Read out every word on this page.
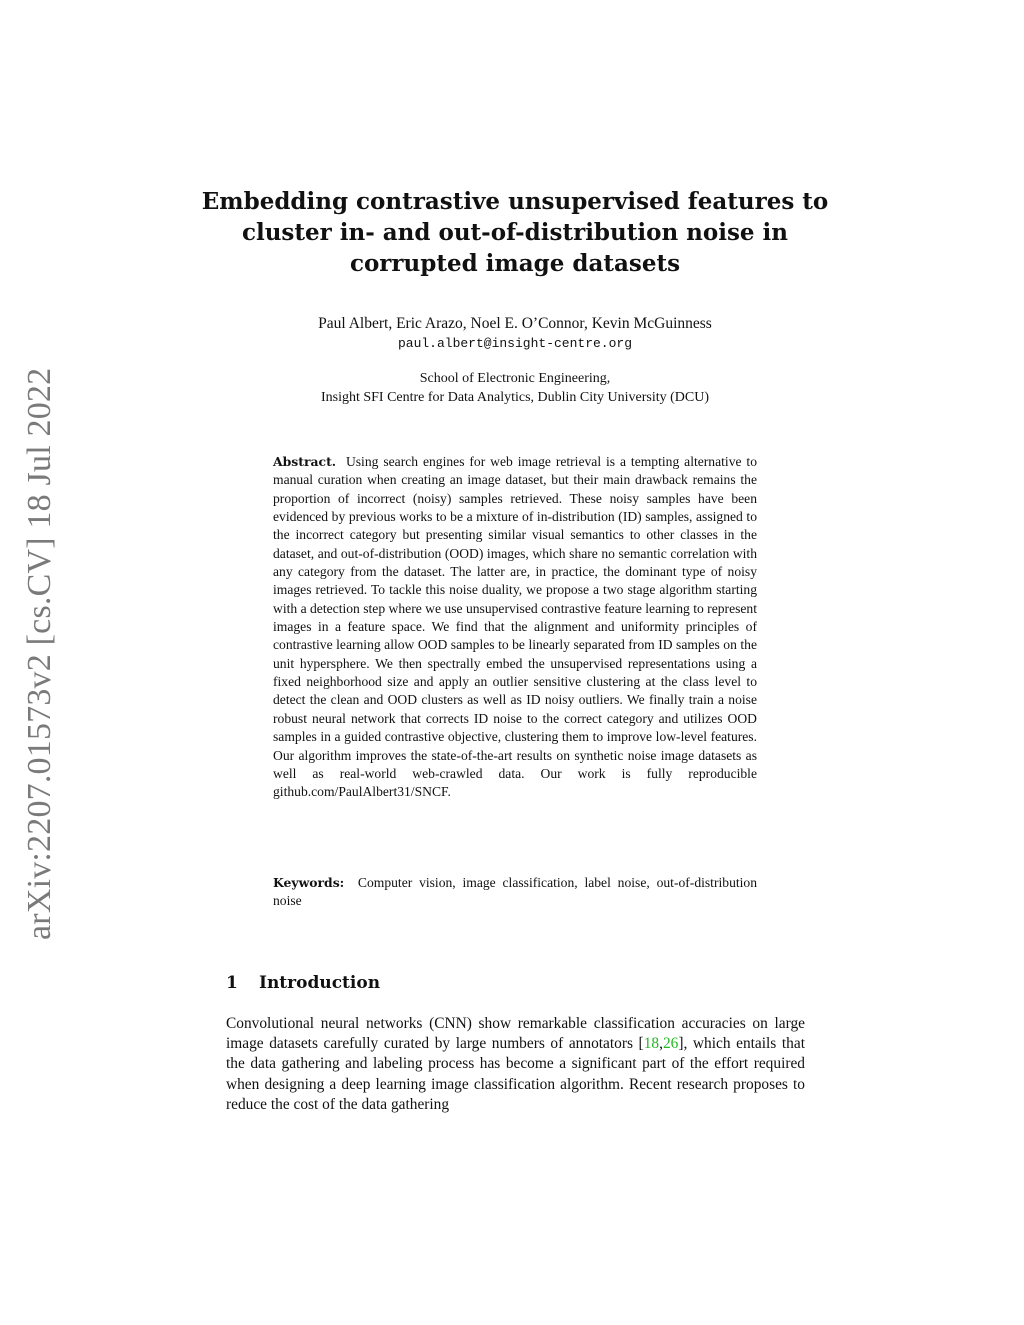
arXiv:2207.01573v2 [cs.CV] 18 Jul 2022
Embedding contrastive unsupervised features to
cluster in- and out-of-distribution noise in
corrupted image datasets
Paul Albert, Eric Arazo, Noel E. O’Connor, Kevin McGuinness
paul.albert@insight-centre.org
School of Electronic Engineering,
Insight SFI Centre for Data Analytics, Dublin City University (DCU)
Abstract. Using search engines for web image retrieval is a tempting alternative to manual curation when creating an image dataset, but their main drawback remains the proportion of incorrect (noisy) samples retrieved. These noisy samples have been evidenced by previous works to be a mixture of in-distribution (ID) samples, assigned to the incorrect category but presenting similar visual semantics to other classes in the dataset, and out-of-distribution (OOD) images, which share no semantic correlation with any category from the dataset. The latter are, in practice, the dominant type of noisy images retrieved. To tackle this noise duality, we propose a two stage algorithm starting with a detection step where we use unsupervised contrastive feature learning to represent images in a feature space. We find that the alignment and uniformity principles of contrastive learning allow OOD samples to be linearly separated from ID samples on the unit hypersphere. We then spectrally embed the unsupervised representations using a fixed neighborhood size and apply an outlier sensitive clustering at the class level to detect the clean and OOD clusters as well as ID noisy outliers. We finally train a noise robust neural network that corrects ID noise to the correct category and utilizes OOD samples in a guided contrastive objective, clustering them to improve low-level features. Our algorithm improves the state-of-the-art results on synthetic noise image datasets as well as real-world web-crawled data. Our work is fully reproducible github.com/PaulAlbert31/SNCF.
Keywords: Computer vision, image classification, label noise, out-of-distribution noise
1 Introduction
Convolutional neural networks (CNN) show remarkable classification accuracies on large image datasets carefully curated by large numbers of annotators [18,26], which entails that the data gathering and labeling process has become a significant part of the effort required when designing a deep learning image classification algorithm. Recent research proposes to reduce the cost of the data gathering
